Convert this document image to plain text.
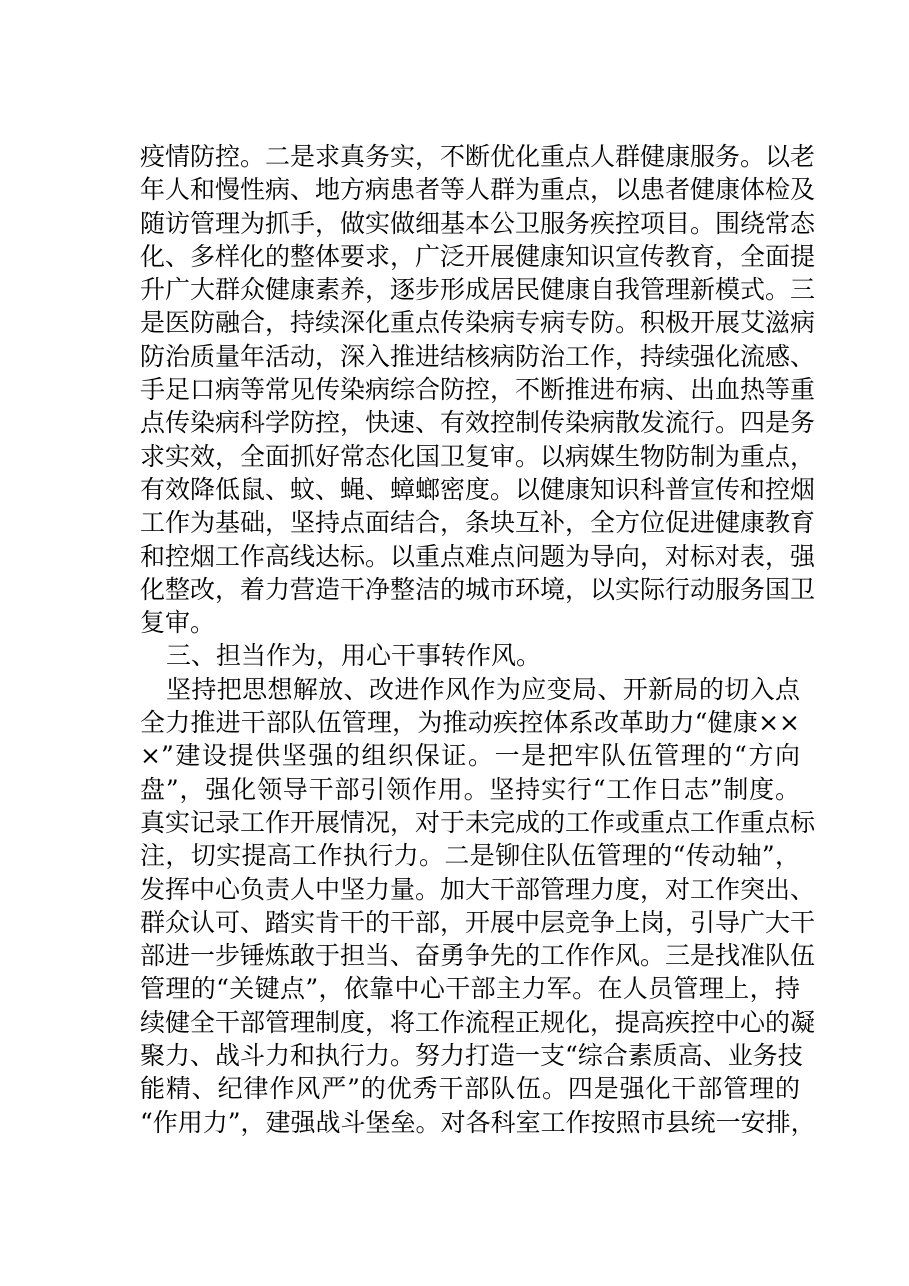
疫情防控。二是求真务实，不断优化重点人群健康服务。以老
年人和慢性病、地方病患者等人群为重点，以患者健康体检及
随访管理为抓手，做实做细基本公卫服务疾控项目。围绕常态
化、多样化的整体要求，广泛开展健康知识宣传教育，全面提
升广大群众健康素养，逐步形成居民健康自我管理新模式。三
是医防融合，持续深化重点传染病专病专防。积极开展艾滋病
防治质量年活动，深入推进结核病防治工作，持续强化流感、
手足口病等常见传染病综合防控，不断推进布病、出血热等重
点传染病科学防控，快速、有效控制传染病散发流行。四是务
求实效，全面抓好常态化国卫复审。以病媒生物防制为重点，
有效降低鼠、蚊、蝇、蟑螂密度。以健康知识科普宣传和控烟
工作为基础，坚持点面结合，条块互补，全方位促进健康教育
和控烟工作高线达标。以重点难点问题为导向，对标对表，强
化整改，着力营造干净整洁的城市环境，以实际行动服务国卫
复审。
三、担当作为，用心干事转作风。
坚持把思想解放、改进作风作为应变局、开新局的切入点
全力推进干部队伍管理，为推动疾控体系改革助力“健康××
×”建设提供坚强的组织保证。一是把牢队伍管理的“方向
盘”，强化领导干部引领作用。坚持实行“工作日志”制度。
真实记录工作开展情况，对于未完成的工作或重点工作重点标
注，切实提高工作执行力。二是铆住队伍管理的“传动轴”，
发挥中心负责人中坚力量。加大干部管理力度，对工作突出、
群众认可、踏实肯干的干部，开展中层竞争上岗，引导广大干
部进一步锤炼敢于担当、奋勇争先的工作作风。三是找准队伍
管理的“关键点”，依靠中心干部主力军。在人员管理上，持
续健全干部管理制度，将工作流程正规化，提高疾控中心的凝
聚力、战斗力和执行力。努力打造一支“综合素质高、业务技
能精、纪律作风严”的优秀干部队伍。四是强化干部管理的
“作用力”，建强战斗堡垒。对各科室工作按照市县统一安排，
